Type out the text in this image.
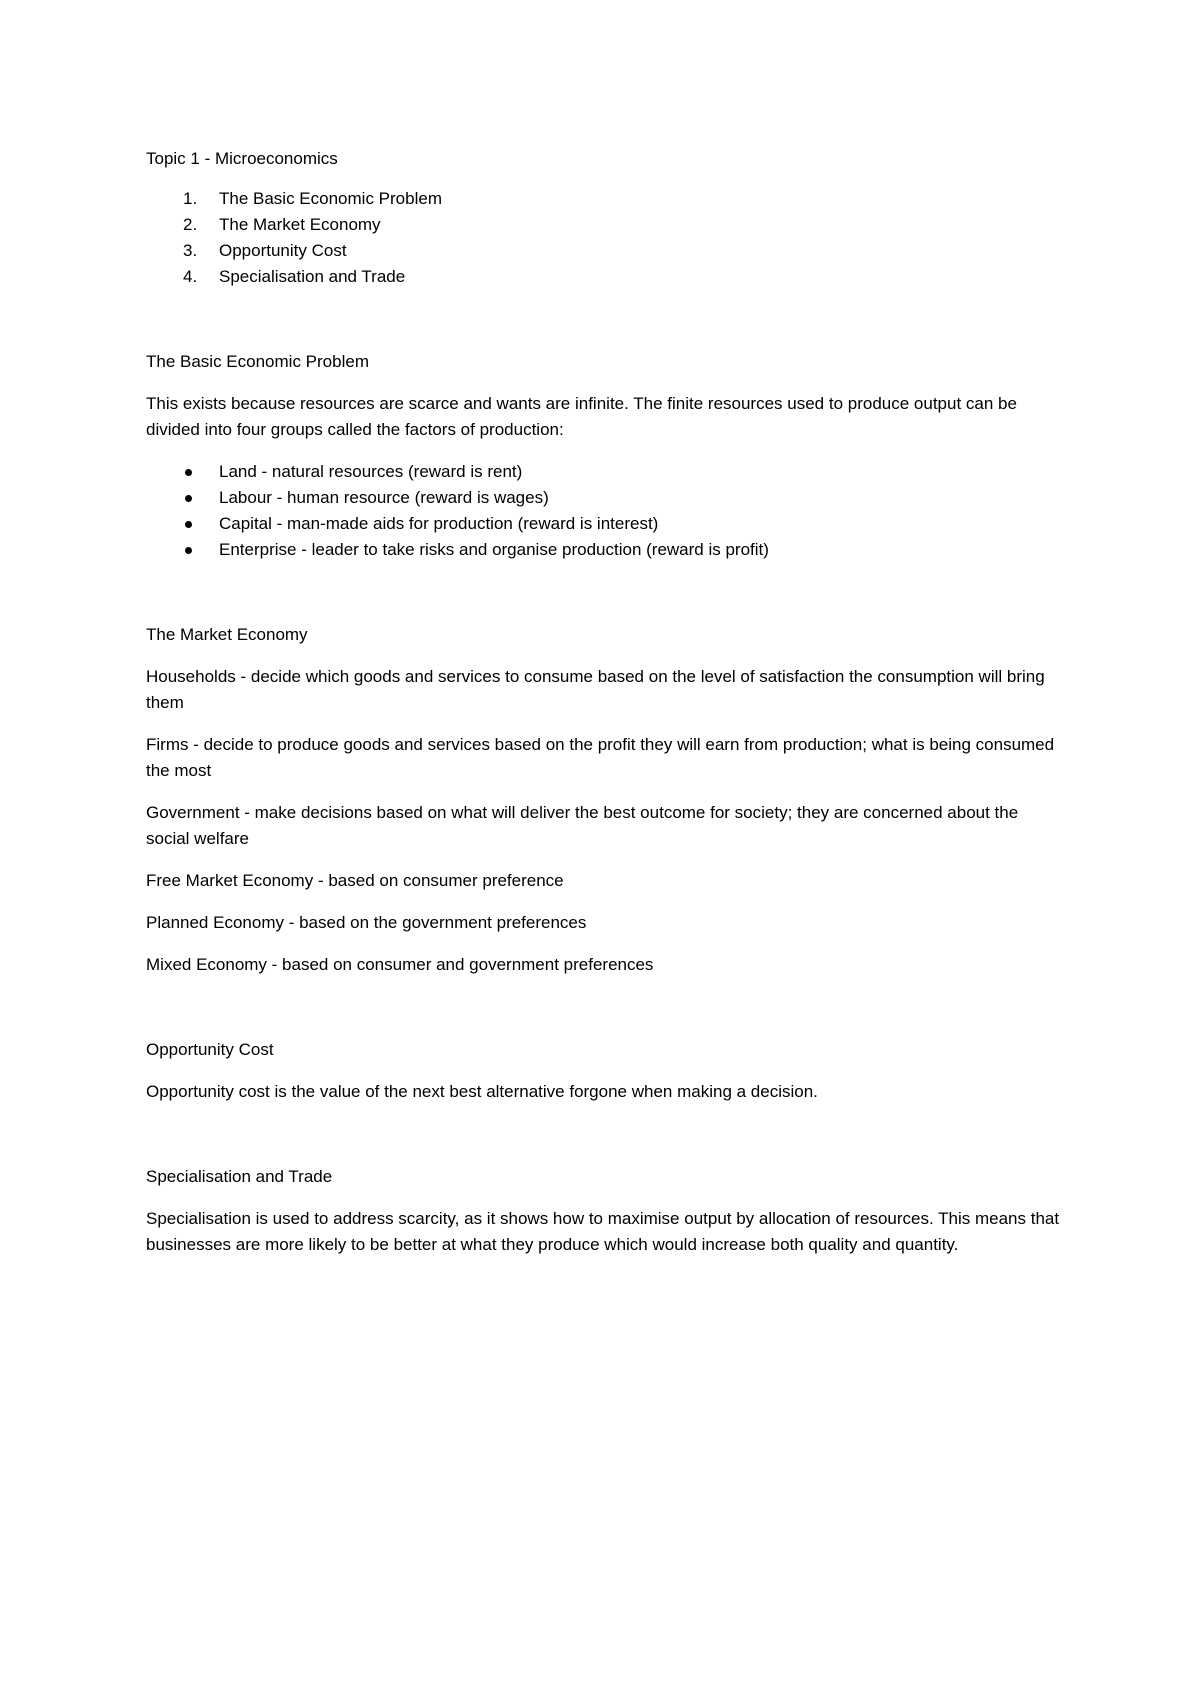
Topic 1 - Microeconomics

1. The Basic Economic Problem
2. The Market Economy
3. Opportunity Cost
4. Specialisation and Trade

The Basic Economic Problem

This exists because resources are scarce and wants are infinite. The finite resources used to produce output can be divided into four groups called the factors of production:

Land - natural resources (reward is rent)
Labour - human resource (reward is wages)
Capital - man-made aids for production (reward is interest)
Enterprise - leader to take risks and organise production (reward is profit)

The Market Economy

Households - decide which goods and services to consume based on the level of satisfaction the consumption will bring them

Firms - decide to produce goods and services based on the profit they will earn from production; what is being consumed the most

Government - make decisions based on what will deliver the best outcome for society; they are concerned about the social welfare

Free Market Economy - based on consumer preference

Planned Economy - based on the government preferences

Mixed Economy - based on consumer and government preferences

Opportunity Cost

Opportunity cost is the value of the next best alternative forgone when making a decision.

Specialisation and Trade

Specialisation is used to address scarcity, as it shows how to maximise output by allocation of resources. This means that businesses are more likely to be better at what they produce which would increase both quality and quantity.
